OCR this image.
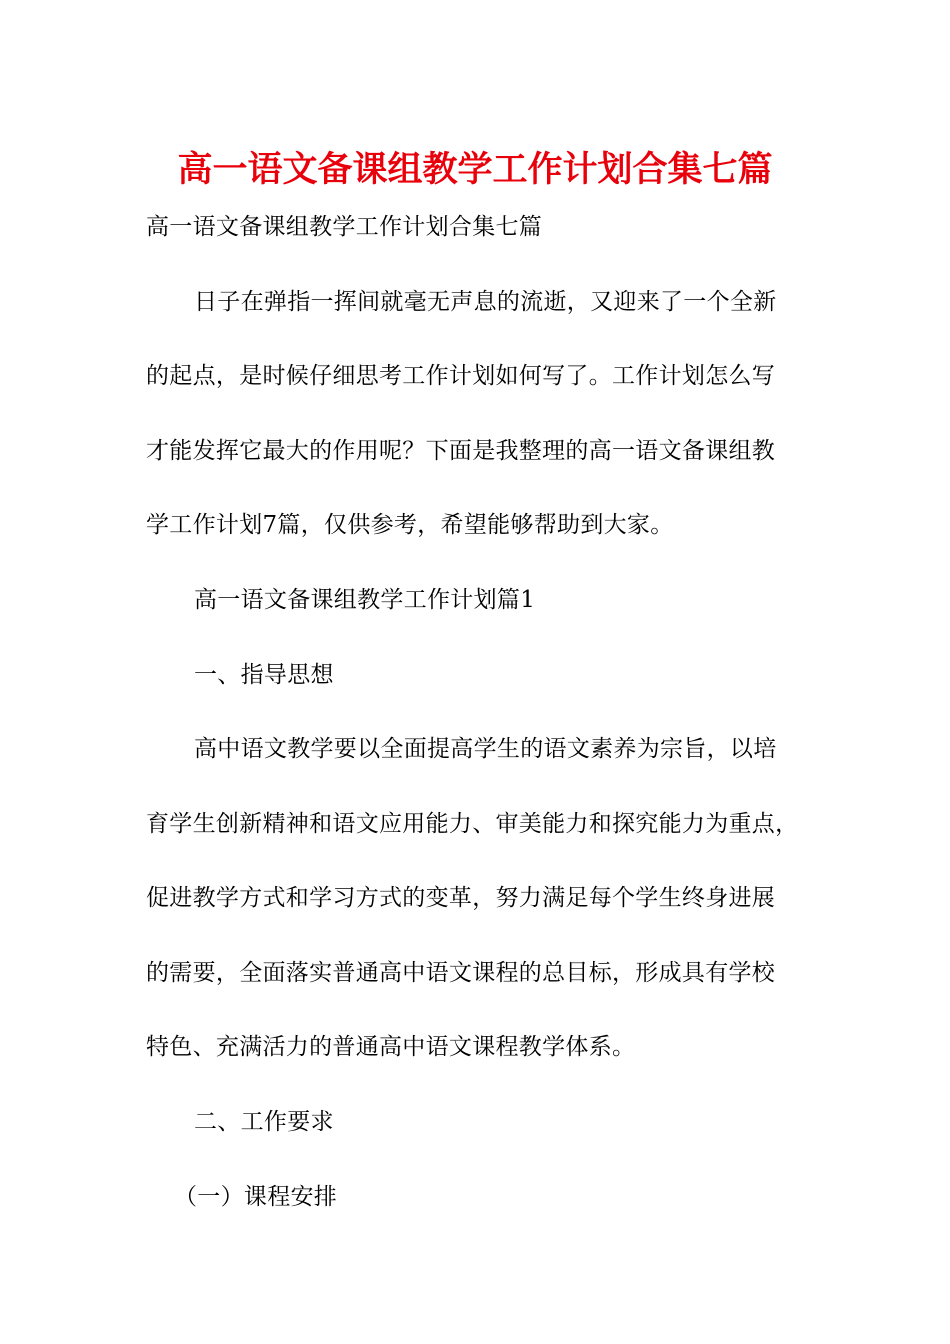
高一语文备课组教学工作计划合集七篇
高一语文备课组教学工作计划合集七篇
日子在弹指一挥间就毫无声息的流逝，又迎来了一个全新
的起点，是时候仔细思考工作计划如何写了。工作计划怎么写
才能发挥它最大的作用呢？下面是我整理的高一语文备课组教
学工作计划7篇，仅供参考，希望能够帮助到大家。
高一语文备课组教学工作计划篇1
一、指导思想
高中语文教学要以全面提高学生的语文素养为宗旨，以培
育学生创新精神和语文应用能力、审美能力和探究能力为重点，
促进教学方式和学习方式的变革，努力满足每个学生终身进展
的需要，全面落实普通高中语文课程的总目标，形成具有学校
特色、充满活力的普通高中语文课程教学体系。
二、工作要求
（一）课程安排
